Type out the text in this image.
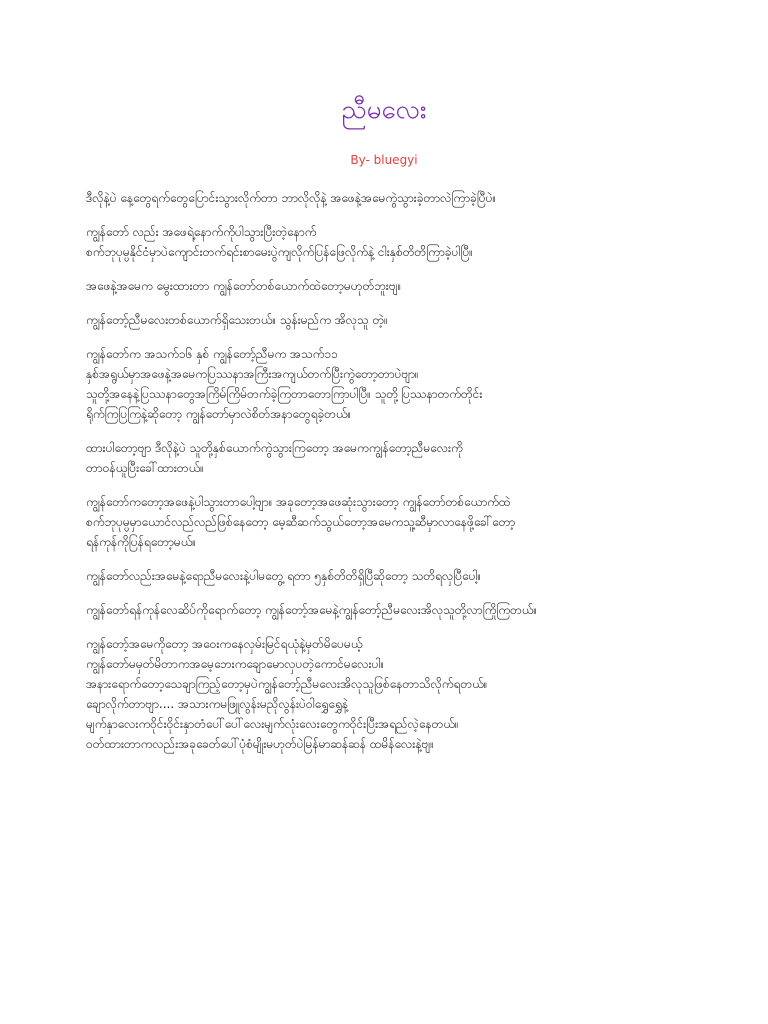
ညီမလေး

By- bluegyi

ဒီလိုနဲ့ပဲ နေ့တွေရက်တွေပြောင်းသွားလိုက်တာ ဘာလိုလိုနဲ့ အဖေနဲ့အမေကွဲသွားခဲ့တာလဲကြာခဲ့ပြီပဲ။
ကျွန်တော် လည်း အဖေရဲ့နောက်ကိုပါသွားပြီးတဲ့နောက်
စက်ဘုပုမ္ပနိုင်ငံမှာပဲကျောင်းတက်ရင်းစာမေးပွဲကျလိုက်ပြန်ဖြေလိုက်နဲ့ ငါးနှစ်တိတိကြာခဲ့ပါပြီ။
အဖေနဲ့အမေက မွေးထားတာ ကျွန်တော်တစ်ယောက်ထဲတော့မဟုတ်ဘူးဗျ။
ကျွန်တော့်ညီမလေးတစ်ယောက်ရှိသေးတယ်။ သွန်းမည်က အိလုသူ တဲ့။
ကျွန်တော်က အသက်၁၆ နှစ် ကျွန်တော့်ညီမက အသက်၁၁
နှစ်အရွယ်မှာအဖေနဲ့အမေကပြဿနာအကြီးအကျယ်တက်ပြီးကွဲတော့တာပဲဗျာ။
သူတို့အနေနဲ့ပြဿနာတွေအကြိမ်ကြိမ်တက်ခဲ့ကြတာတောကြာပါပြီ။ သူတို့ပြဿနာတက်တိုင်း
ရိုက်ကြပြကြနဲ့ဆိုတော့ ကျွန်တော်မှာလဲစိတ်အနာတွေရခဲ့တယ်။
ထားပါတော့ဗျာ ဒီလိုနဲ့ပဲ သူတို့နှစ်ယောက်ကွဲသွားကြတော့ အမေကကျွန်တော့ညီမလေးကို
တာဝန်ယူပြီးခေါ်ထားတယ်။
ကျွန်တော်ကတော့အဖေနဲ့ပါသွားတာပေါ့ဗျာ။ အခုတော့အဖေဆုံးသွားတော့ ကျွန်တော်တစ်ယောက်ထဲ
စက်ဘုပုမ္ပမှာယောင်လည်လည်ဖြစ်နေတော့ မေ့ဆီဆက်သွယ်တော့အမေကသူ့ဆီမှာလာနေဖို့ခေါ်တော့
ရန်ကုန်ကိုပြန်ရတော့မယ်။
ကျွန်တော်လည်းအမေနဲ့ရောညီမလေးနဲ့ပါမတွေ့ ရတာ ၅နှစ်တိတိရှိပြီဆိုတော့ သတိရလှပြီပေါ့။
ကျွန်တော်ရန်ကုန်လေဆိပ်ကိုရောက်တော့ ကျွန်တော့်အမေနဲ့ကျွန်တော့်ညီမလေးအိလုသူတို့လာကြိုကြတယ်။
ကျွန်တော့်အမေကိုတော့ အဝေးကနေလှမ်းမြင်ရယုံနဲ့မှတ်မိပေမယ့်
ကျွန်တော်မမှတ်မိတာကအမေ့ဘေးကချောမောလှပတဲ့ကောင်မလေးပါ။
အနားရောက်တော့သေချာကြည့်တော့မှပဲကျွန်တော့်ညီမလေးအိလုသူဖြစ်နေတာသိလိုက်ရတယ်။
ချောလိုက်တာဗျာ.... အသားကမဖြူလွန်းမညိုလွန်းပဲဝါရွှေရွှေနဲ့
မျက်နှာလေးကဝိုင်းဝိုင်းနှာတံပေါ်ပေါ်လေးမျက်လုံးလေးတွေကဝိုင်းပြီးအရည်လဲ့နေတယ်။
ဝတ်ထားတာကလည်းအခုခေတ်ပေါ်ပုံစံမျိုးမဟုတ်ပဲမြန်မာဆန်ဆန် ထမိန်လေးနဲ့ဗျ။
